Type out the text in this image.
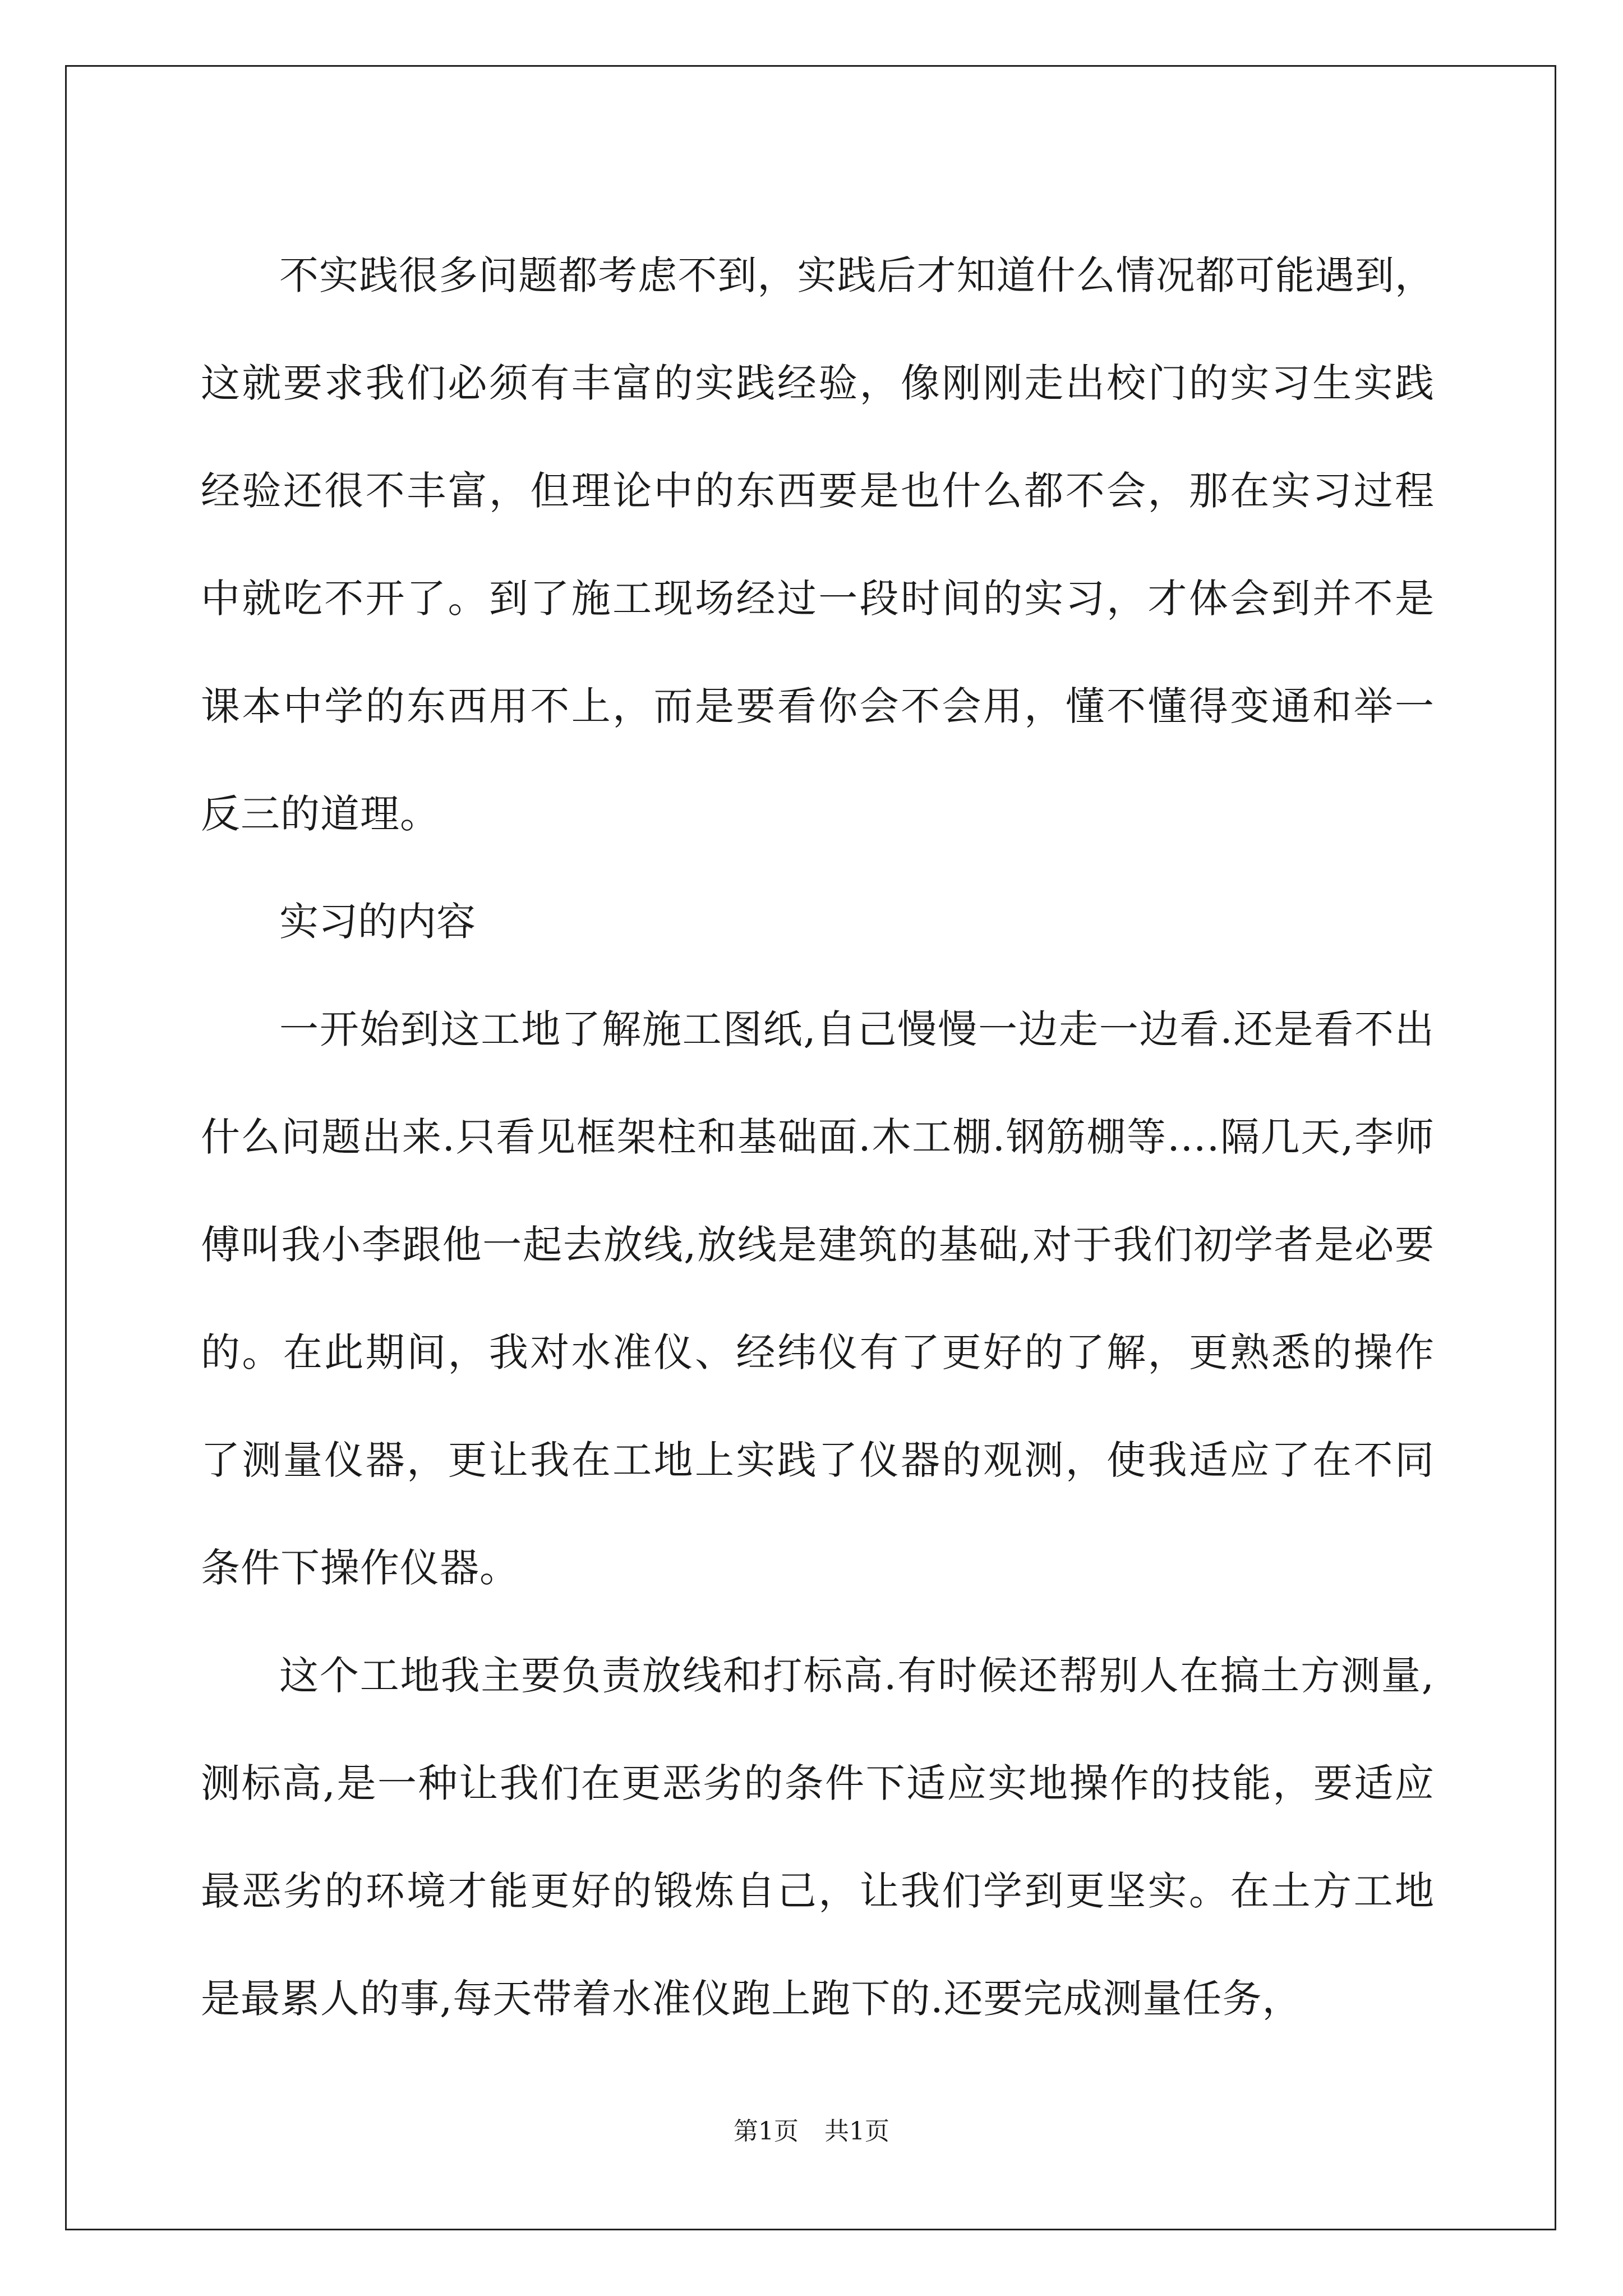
不实践很多问题都考虑不到，实践后才知道什么情况都可能遇到，这就要求我们必须有丰富的实践经验，像刚刚走出校门的实习生实践经验还很不丰富，但理论中的东西要是也什么都不会，那在实习过程中就吃不开了。到了施工现场经过一段时间的实习，才体会到并不是课本中学的东西用不上，而是要看你会不会用，懂不懂得变通和举一反三的道理。

实习的内容

一开始到这工地了解施工图纸,自己慢慢一边走一边看.还是看不出什么问题出来.只看见框架柱和基础面.木工棚.钢筋棚等….隔几天,李师傅叫我小李跟他一起去放线,放线是建筑的基础,对于我们初学者是必要的。在此期间，我对水准仪、经纬仪有了更好的了解，更熟悉的操作了测量仪器，更让我在工地上实践了仪器的观测，使我适应了在不同条件下操作仪器。

这个工地我主要负责放线和打标高.有时候还帮别人在搞土方测量,测标高,是一种让我们在更恶劣的条件下适应实地操作的技能，要适应最恶劣的环境才能更好的锻炼自己，让我们学到更坚实。在土方工地是最累人的事,每天带着水准仪跑上跑下的.还要完成测量任务，

第1页 共1页
